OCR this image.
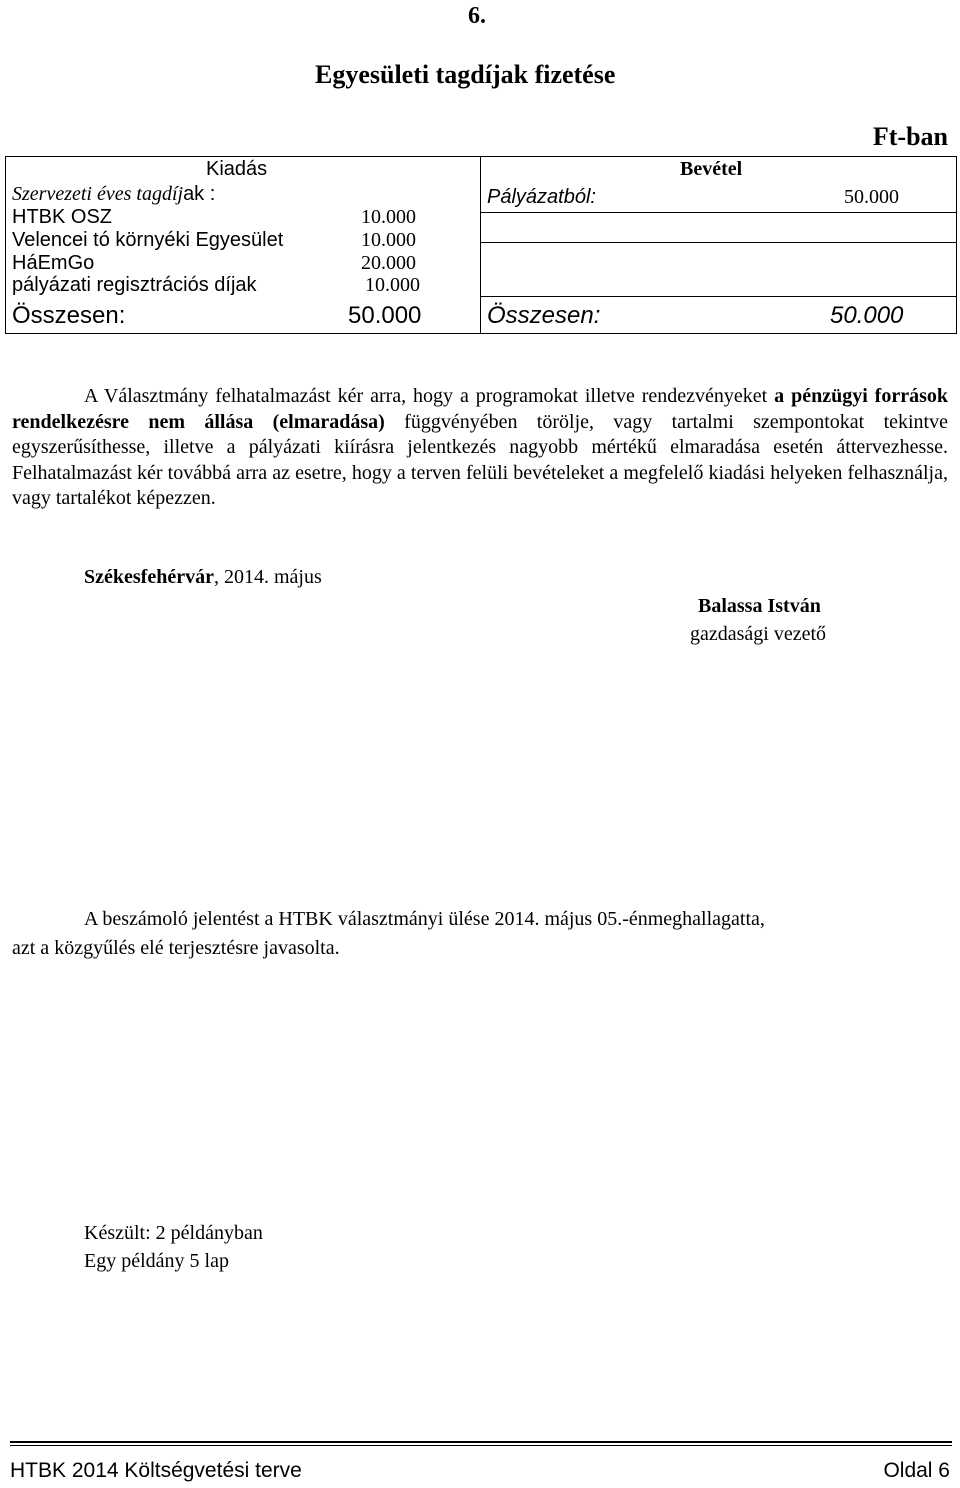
6.
Egyesületi tagdíjak fizetése
Ft-ban
Kiadás
Szervezeti éves tagdíjak :
HTBK OSZ	10.000
Velencei tó környéki Egyesület	10.000
HáEmGo	20.000
pályázati regisztrációs díjak	10.000
Összesen:	50.000
Bevétel
Pályázatból:	50.000
Összesen:	50.000

A Választmány felhatalmazást kér arra, hogy a programokat illetve rendezvényeket a pénzügyi források rendelkezésre nem állása (elmaradása) függvényében törölje, vagy tartalmi szempontokat tekintve egyszerűsíthesse, illetve a pályázati kiírásra jelentkezés nagyobb mértékű elmaradása esetén áttervezhesse. Felhatalmazást kér továbbá arra az esetre, hogy a terven felüli bevételeket a megfelelő kiadási helyeken felhasználja, vagy tartalékot képezzen.

Székesfehérvár, 2014. május
Balassa István
gazdasági vezető
A beszámoló jelentést a HTBK választmányi ülése 2014. május 05.-énmeghallagatta,
azt a közgyűlés elé terjesztésre javasolta.
Készült: 2 példányban
Egy példány 5 lap
HTBK 2014 Költségvetési terve	Oldal 6
